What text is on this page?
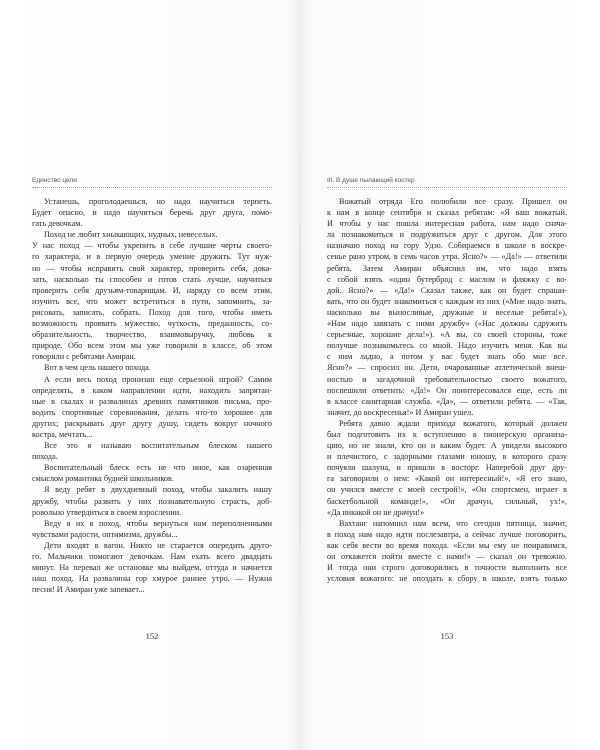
Единство цели
Устанешь, проголодаешься, но надо научиться терпеть.
Будет опасно, и надо научиться беречь друг друга, помо-
гать девочкам.
Поход не любит хныкающих, нудных, невеселых.
У нас поход — чтобы укрепить в себе лучшие черты своего-
го характера, и в первую очередь умение дружить. Тут нуж-
но — чтобы исправить свой характер, проверить себя, дока-
зать, насколько ты способен и готов стать лучше, научиться
проверить себя друзьям-товарищам. И, наряду со всем этим,
изучить все, что может встретиться в пути, запомнить, за-
рисовать, записать, собрать. Поход для того, чтобы иметь
возможность проявить мужество, чуткость, преданность, со-
образительность, творчество, взаимовыручку, любовь к
природе. Обо всем этом мы уже говорили в классе, об этом
говорили с ребятами Амиран.
Вот в чем цель нашего похода.
А если весь поход пронизан еще серьезной игрой? Самим
определять, в каком направлении идти, находить запрятан-
ные в скалах и развалинах древних памятников письма, про-
водить спортивные соревнования, делать что-то хорошее для
других; раскрывать друг другу душу, сидеть вокруг ночного
костра, мечтать...
Все это я называю воспитательным блеском нашего
похода.
Воспитательный блеск есть не что иное, как озаренная
смыслом романтика будней школьников.
Я веду ребят в двухдневный поход, чтобы закалить нашу
дружбу, чтобы развить у них познавательную страсть, доб-
ровольно утвердиться в своем взрослении.
Веду я их в поход, чтобы вернуться нам переполненными
чувствами радости, оптимизма, дружбы...
Дети входят в вагон. Никто не старается опередить друго-
го. Мальчики помогают девочкам. Нам ехать всего двадцать
минут. На перевал же остановке мы выйдем, оттуда и начнется
наш поход. На развалины гор хмурое раннее утро. — Нужна
песня! И Амиран уже запевает...
152
III. В душе пылающий костер
Вожатый отряда Его полюбили все сразу. Пришел он
к нам в конце сентября и сказал ребятам: «Я ваш вожатый.
И чтобы у нас пошла интересная работа, нам надо снача-
ла познакомиться и подружиться друг с другом. Для этого
назначаю поход на гору Удзо. Собираемся в школе в воскре-
сенье рано утром, в семь часов утра. Ясно?» — «Да!» — ответили
ребята. Затем Амиран объяснил им, что надо взять
с собой взять «один бутерброд с маслом и фляжку с во-
дой. Ясно?» — «Да!» Сказал также, как он будет спраши-
вать, что он будет знакомиться с каждым из них («Мне надо знать,
насколько вы выносливые, дружные и веселые ребята!»),
«Нам надо завязать с ними дружбу» («Нас должны сдружить
серьезные, хорошие дела!»). «А вы, со своей стороны, тоже
получше познакомьтесь со мной. Надо изучить меня. Как вы
с ним ладно, а потом у вас будет знать обо мне все.
Ясно?» — спросил он. Дети, очарованные атлетической внеш-
ностью и загадочной требовательностью своего вожатого,
поспешили ответить: «Да!» Он поинтересовался еще, есть ли
в классе санитарная служба. «Да», — ответили ребята. — «Так,
значит, до воскресенья!» И Амиран ушел.
Ребята давно ждали прихода вожатого, который должен
был подготовить их к вступлению в пионерскую организа-
цию, но не знали, кто он и каким будет. А увидели высокого
и плечистого, с задорными глазами юношу, в которого сразу
почуяли шалуна, и пришли в восторг. Наперебой друг дру-
га заговорили о нем: «Какой он интересный!», «Я его знаю,
он учился вместе с моей сестрой!», «Он спортсмен, играет в
баскетбольной команде!», «Он драчун, сильный, ух!»,
«Да никакой он не драчун!»
Вахтанг напомнил нам всем, что сегодня пятница, значит,
в поход нам надо идти послезавтра, а сейчас лучше поговорить,
как себя вести во время похода. «Если мы ему не понравимся,
он откажется пойти вместе с нами!» — сказал он тревожно.
И тогда они строго договорились в точности выполнить все
условия вожатого: не опоздать к сбору в школе, взять только
153
